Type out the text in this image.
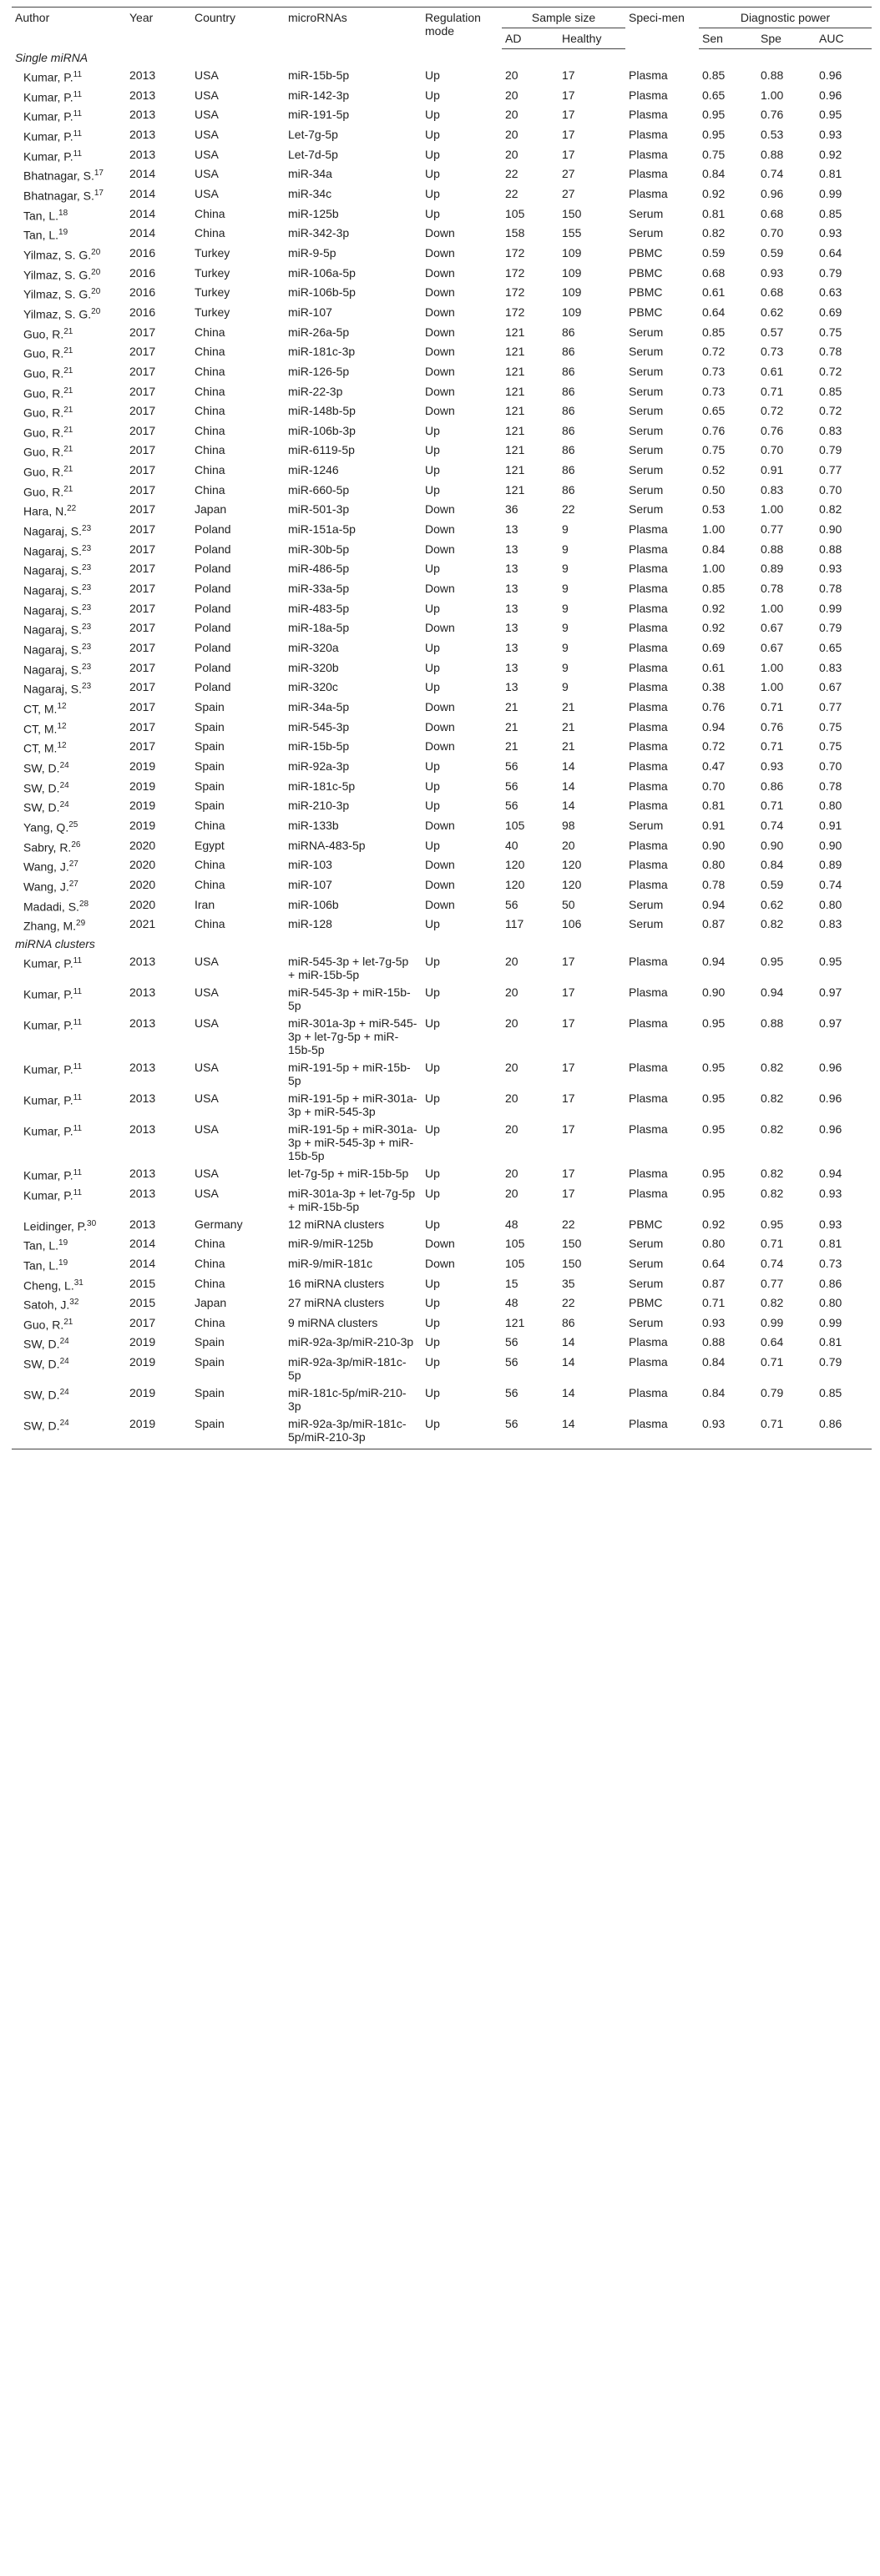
Author	Year	Country	microRNAs	Regulation mode	Sample size		Speci-men	Diagnostic power		
					AD	Healthy		Sen	Spe	AUC
Single miRNA										
Kumar, P.$^{11}$	2013	USA	miR-15b-5p	Up	20	17	Plasma	0.85	0.88	0.96
Kumar, P.$^{11}$	2013	USA	miR-142-3p	Up	20	17	Plasma	0.65	1.00	0.96
Kumar, P.$^{11}$	2013	USA	miR-191-5p	Up	20	17	Plasma	0.95	0.76	0.95
Kumar, P.$^{11}$	2013	USA	Let-7g-5p	Up	20	17	Plasma	0.95	0.53	0.93
Kumar, P.$^{11}$	2013	USA	Let-7d-5p	Up	20	17	Plasma	0.75	0.88	0.92
Bhatnagar, S.$^{17}$	2014	USA	miR-34a	Up	22	27	Plasma	0.84	0.74	0.81
Bhatnagar, S.$^{17}$	2014	USA	miR-34c	Up	22	27	Plasma	0.92	0.96	0.99
Tan, L.$^{18}$	2014	China	miR-125b	Up	105	150	Serum	0.81	0.68	0.85
Tan, L.$^{19}$	2014	China	miR-342-3p	Down	158	155	Serum	0.82	0.70	0.93
Yilmaz, S. G.$^{20}$	2016	Turkey	miR-9-5p	Down	172	109	PBMC	0.59	0.59	0.64
Yilmaz, S. G.$^{20}$	2016	Turkey	miR-106a-5p	Down	172	109	PBMC	0.68	0.93	0.79
Yilmaz, S. G.$^{20}$	2016	Turkey	miR-106b-5p	Down	172	109	PBMC	0.61	0.68	0.63
Yilmaz, S. G.$^{20}$	2016	Turkey	miR-107	Down	172	109	PBMC	0.64	0.62	0.69
Guo, R.$^{21}$	2017	China	miR-26a-5p	Down	121	86	Serum	0.85	0.57	0.75
Guo, R.$^{21}$	2017	China	miR-181c-3p	Down	121	86	Serum	0.72	0.73	0.78
Guo, R.$^{21}$	2017	China	miR-126-5p	Down	121	86	Serum	0.73	0.61	0.72
Guo, R.$^{21}$	2017	China	miR-22-3p	Down	121	86	Serum	0.73	0.71	0.85
Guo, R.$^{21}$	2017	China	miR-148b-5p	Down	121	86	Serum	0.65	0.72	0.72
Guo, R.$^{21}$	2017	China	miR-106b-3p	Up	121	86	Serum	0.76	0.76	0.83
Guo, R.$^{21}$	2017	China	miR-6119-5p	Up	121	86	Serum	0.75	0.70	0.79
Guo, R.$^{21}$	2017	China	miR-1246	Up	121	86	Serum	0.52	0.91	0.77
Guo, R.$^{21}$	2017	China	miR-660-5p	Up	121	86	Serum	0.50	0.83	0.70
Hara, N.$^{22}$	2017	Japan	miR-501-3p	Down	36	22	Serum	0.53	1.00	0.82
Nagaraj, S.$^{23}$	2017	Poland	miR-151a-5p	Down	13	9	Plasma	1.00	0.77	0.90
Nagaraj, S.$^{23}$	2017	Poland	miR-30b-5p	Down	13	9	Plasma	0.84	0.88	0.88
Nagaraj, S.$^{23}$	2017	Poland	miR-486-5p	Up	13	9	Plasma	1.00	0.89	0.93
Nagaraj, S.$^{23}$	2017	Poland	miR-33a-5p	Down	13	9	Plasma	0.85	0.78	0.78
Nagaraj, S.$^{23}$	2017	Poland	miR-483-5p	Up	13	9	Plasma	0.92	1.00	0.99
Nagaraj, S.$^{23}$	2017	Poland	miR-18a-5p	Down	13	9	Plasma	0.92	0.67	0.79
Nagaraj, S.$^{23}$	2017	Poland	miR-320a	Up	13	9	Plasma	0.69	0.67	0.65
Nagaraj, S.$^{23}$	2017	Poland	miR-320b	Up	13	9	Plasma	0.61	1.00	0.83
Nagaraj, S.$^{23}$	2017	Poland	miR-320c	Up	13	9	Plasma	0.38	1.00	0.67
CT, M.$^{12}$	2017	Spain	miR-34a-5p	Down	21	21	Plasma	0.76	0.71	0.77
CT, M.$^{12}$	2017	Spain	miR-545-3p	Down	21	21	Plasma	0.94	0.76	0.75
CT, M.$^{12}$	2017	Spain	miR-15b-5p	Down	21	21	Plasma	0.72	0.71	0.75
SW, D.$^{24}$	2019	Spain	miR-92a-3p	Up	56	14	Plasma	0.47	0.93	0.70
SW, D.$^{24}$	2019	Spain	miR-181c-5p	Up	56	14	Plasma	0.70	0.86	0.78
SW, D.$^{24}$	2019	Spain	miR-210-3p	Up	56	14	Plasma	0.81	0.71	0.80
Yang, Q.$^{25}$	2019	China	miR-133b	Down	105	98	Serum	0.91	0.74	0.91
Sabry, R.$^{26}$	2020	Egypt	miRNA-483-5p	Up	40	20	Plasma	0.90	0.90	0.90
Wang, J.$^{27}$	2020	China	miR-103	Down	120	120	Plasma	0.80	0.84	0.89
Wang, J.$^{27}$	2020	China	miR-107	Down	120	120	Plasma	0.78	0.59	0.74
Madadi, S.$^{28}$	2020	Iran	miR-106b	Down	56	50	Serum	0.94	0.62	0.80
Zhang, M.$^{29}$	2021	China	miR-128	Up	117	106	Serum	0.87	0.82	0.83
miRNA clusters										
Kumar, P.$^{11}$	2013	USA	miR-545-3p + let-7g-5p + miR-15b-5p	Up	20	17	Plasma	0.94	0.95	0.95
Kumar, P.$^{11}$	2013	USA	miR-545-3p + miR-15b-5p	Up	20	17	Plasma	0.90	0.94	0.97
Kumar, P.$^{11}$	2013	USA	miR-301a-3p + miR-545-3p + let-7g-5p + miR-15b-5p	Up	20	17	Plasma	0.95	0.88	0.97
Kumar, P.$^{11}$	2013	USA	miR-191-5p + miR-15b-5p	Up	20	17	Plasma	0.95	0.82	0.96
Kumar, P.$^{11}$	2013	USA	miR-191-5p + miR-301a-3p + miR-545-3p	Up	20	17	Plasma	0.95	0.82	0.96
Kumar, P.$^{11}$	2013	USA	miR-191-5p + miR-301a-3p + miR-545-3p + miR-15b-5p	Up	20	17	Plasma	0.95	0.82	0.96
Kumar, P.$^{11}$	2013	USA	let-7g-5p + miR-15b-5p	Up	20	17	Plasma	0.95	0.82	0.94
Kumar, P.$^{11}$	2013	USA	miR-301a-3p + let-7g-5p + miR-15b-5p	Up	20	17	Plasma	0.95	0.82	0.93
Leidinger, P.$^{30}$	2013	Germany	12 miRNA clusters	Up	48	22	PBMC	0.92	0.95	0.93
Tan, L.$^{19}$	2014	China	miR-9/miR-125b	Down	105	150	Serum	0.80	0.71	0.81
Tan, L.$^{19}$	2014	China	miR-9/miR-181c	Down	105	150	Serum	0.64	0.74	0.73
Cheng, L.$^{31}$	2015	China	16 miRNA clusters	Up	15	35	Serum	0.87	0.77	0.86
Satoh, J.$^{32}$	2015	Japan	27 miRNA clusters	Up	48	22	PBMC	0.71	0.82	0.80
Guo, R.$^{21}$	2017	China	9 miRNA clusters	Up	121	86	Serum	0.93	0.99	0.99
SW, D.$^{24}$	2019	Spain	miR-92a-3p/miR-210-3p	Up	56	14	Plasma	0.88	0.64	0.81
SW, D.$^{24}$	2019	Spain	miR-92a-3p/miR-181c-5p	Up	56	14	Plasma	0.84	0.71	0.79
SW, D.$^{24}$	2019	Spain	miR-181c-5p/miR-210-3p	Up	56	14	Plasma	0.84	0.79	0.85
SW, D.$^{24}$	2019	Spain	miR-92a-3p/miR-181c-5p/miR-210-3p	Up	56	14	Plasma	0.93	0.71	0.86
